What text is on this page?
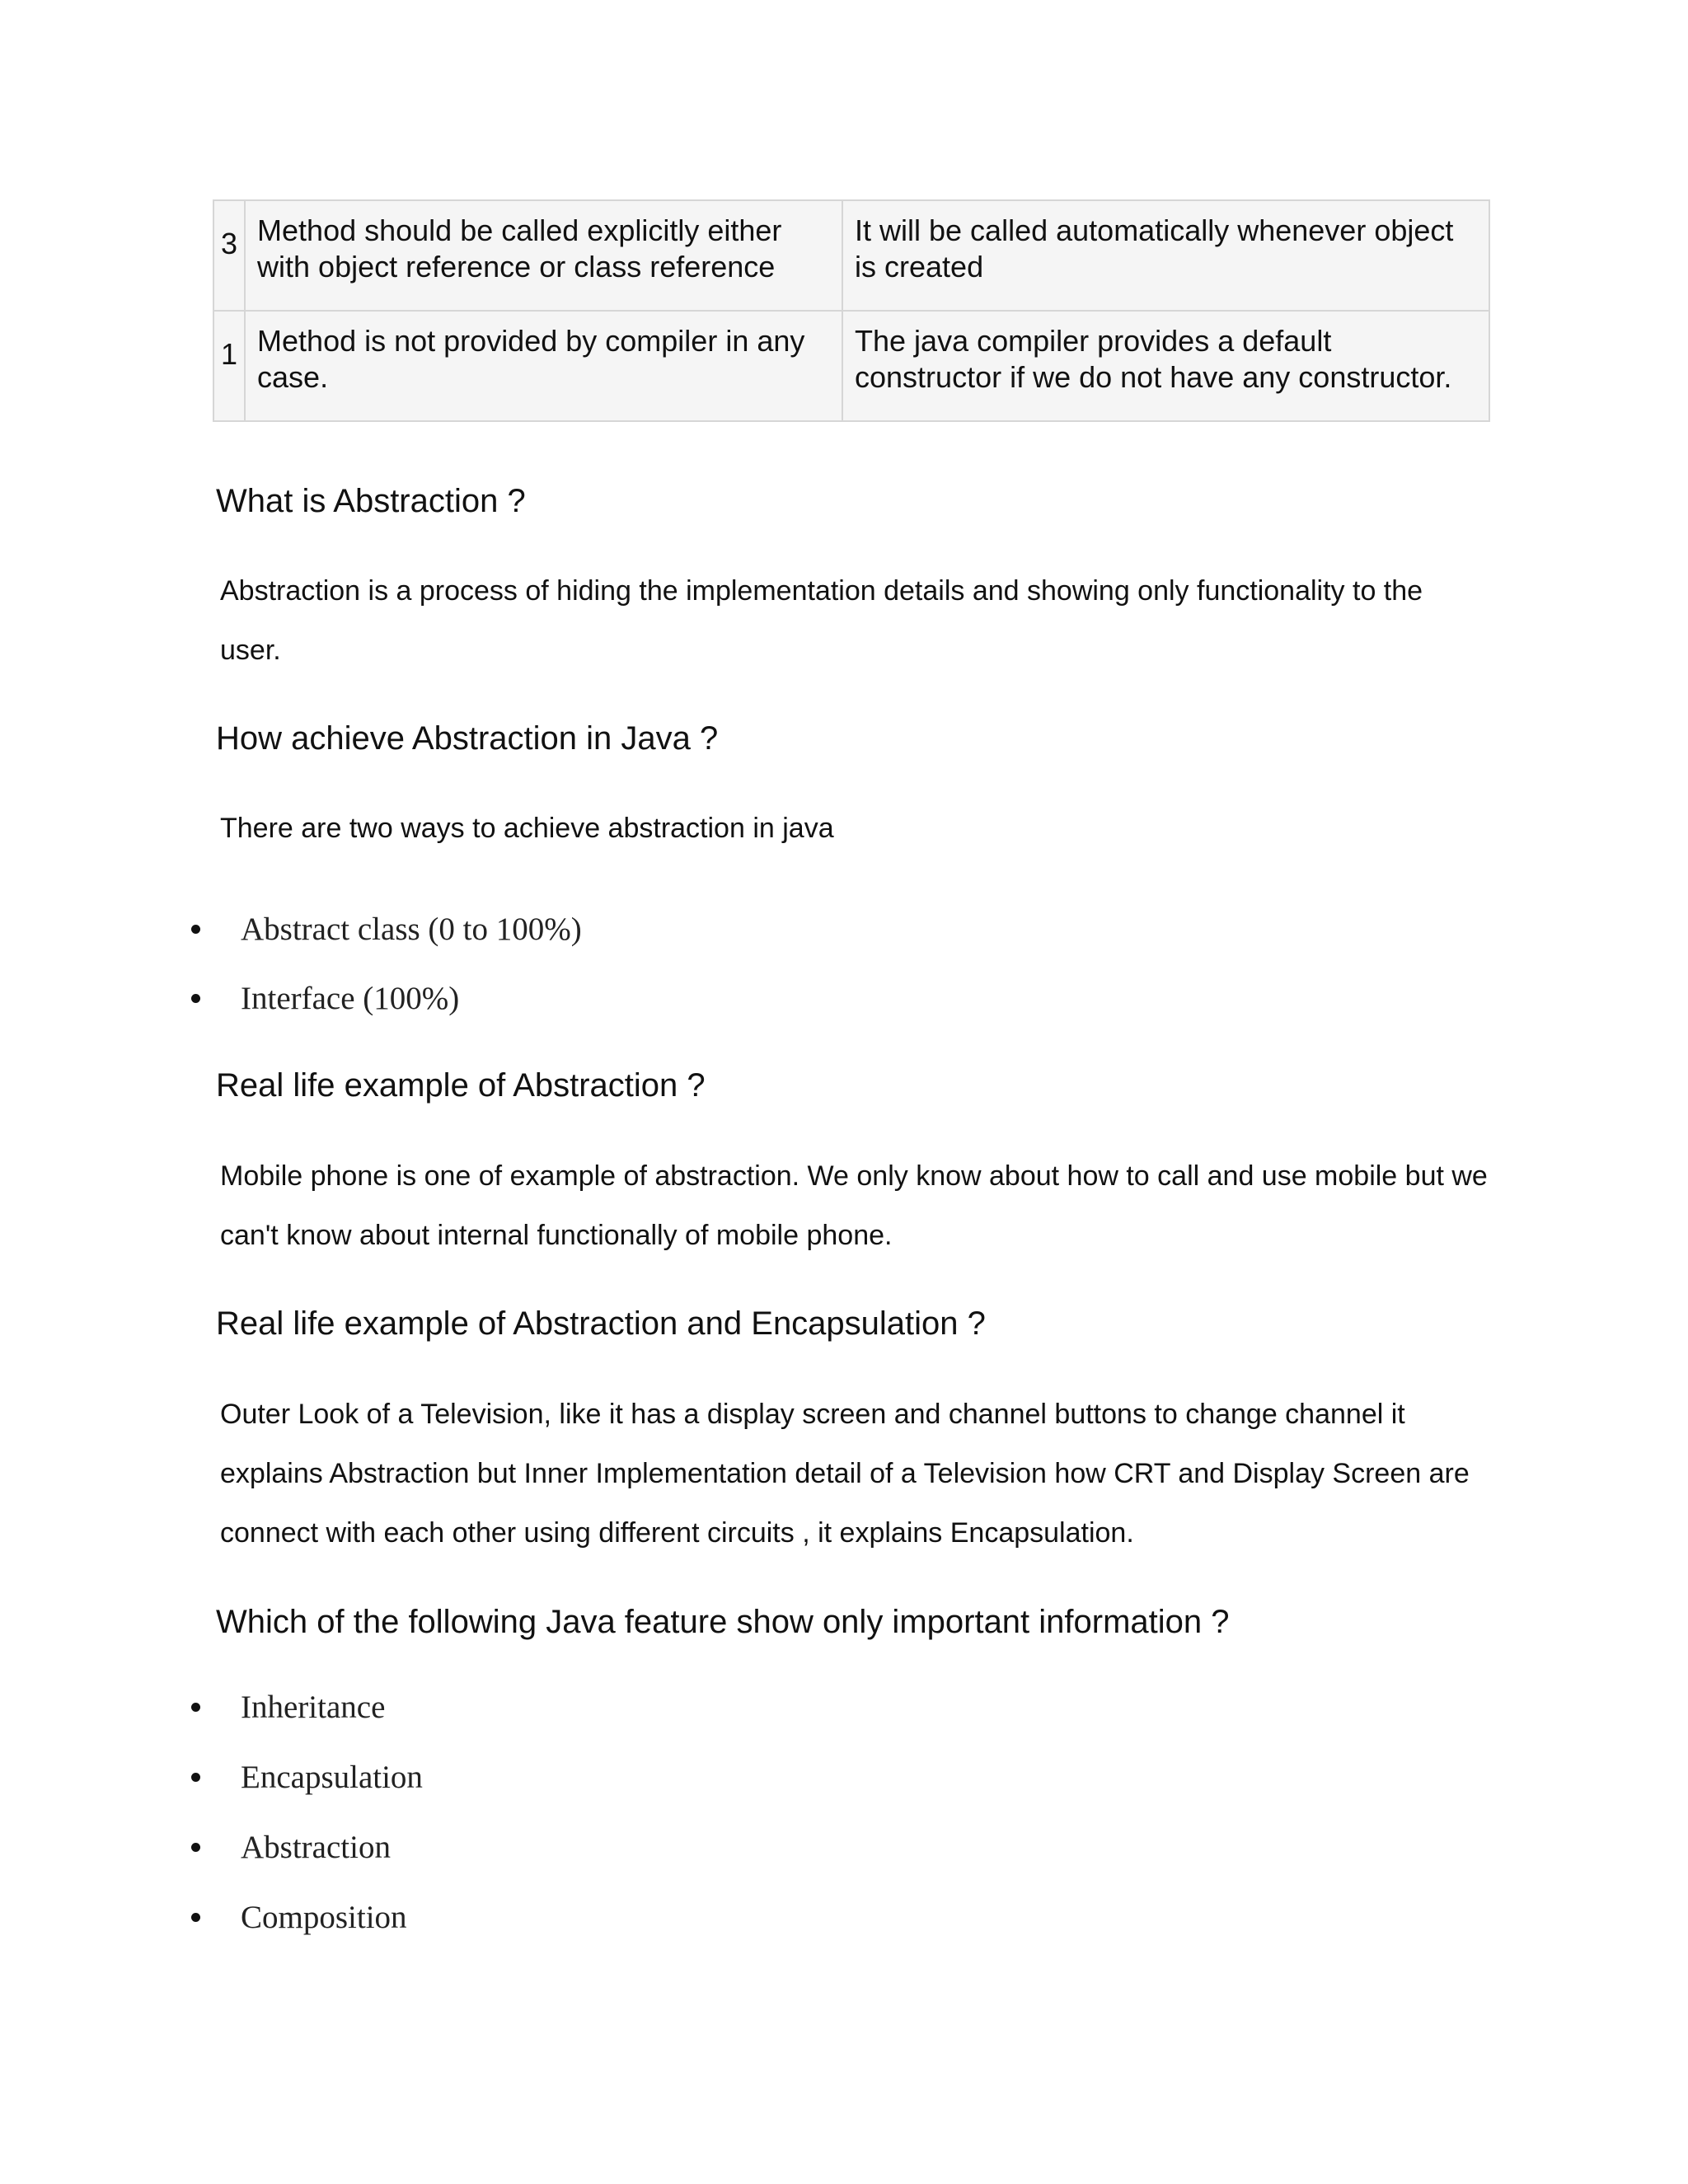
3	Method should be called explicitly either with object reference or class reference	It will be called automatically whenever object is created
1	Method is not provided by compiler in any case.	The java compiler provides a default constructor if we do not have any constructor.
What is Abstraction ?
Abstraction is a process of hiding the implementation details and showing only functionality to the user.
How achieve Abstraction in Java ?
There are two ways to achieve abstraction in java
Abstract class (0 to 100%)
Interface (100%)
Real life example of Abstraction ?
Mobile phone is one of example of abstraction. We only know about how to call and use mobile but we can't know about internal functionally of mobile phone.
Real life example of Abstraction and Encapsulation ?
Outer Look of a Television, like it has a display screen and channel buttons to change channel it explains Abstraction but Inner Implementation detail of a Television how CRT and Display Screen are connect with each other using different circuits , it explains Encapsulation.
Which of the following Java feature show only important information ?
Inheritance
Encapsulation
Abstraction
Composition
